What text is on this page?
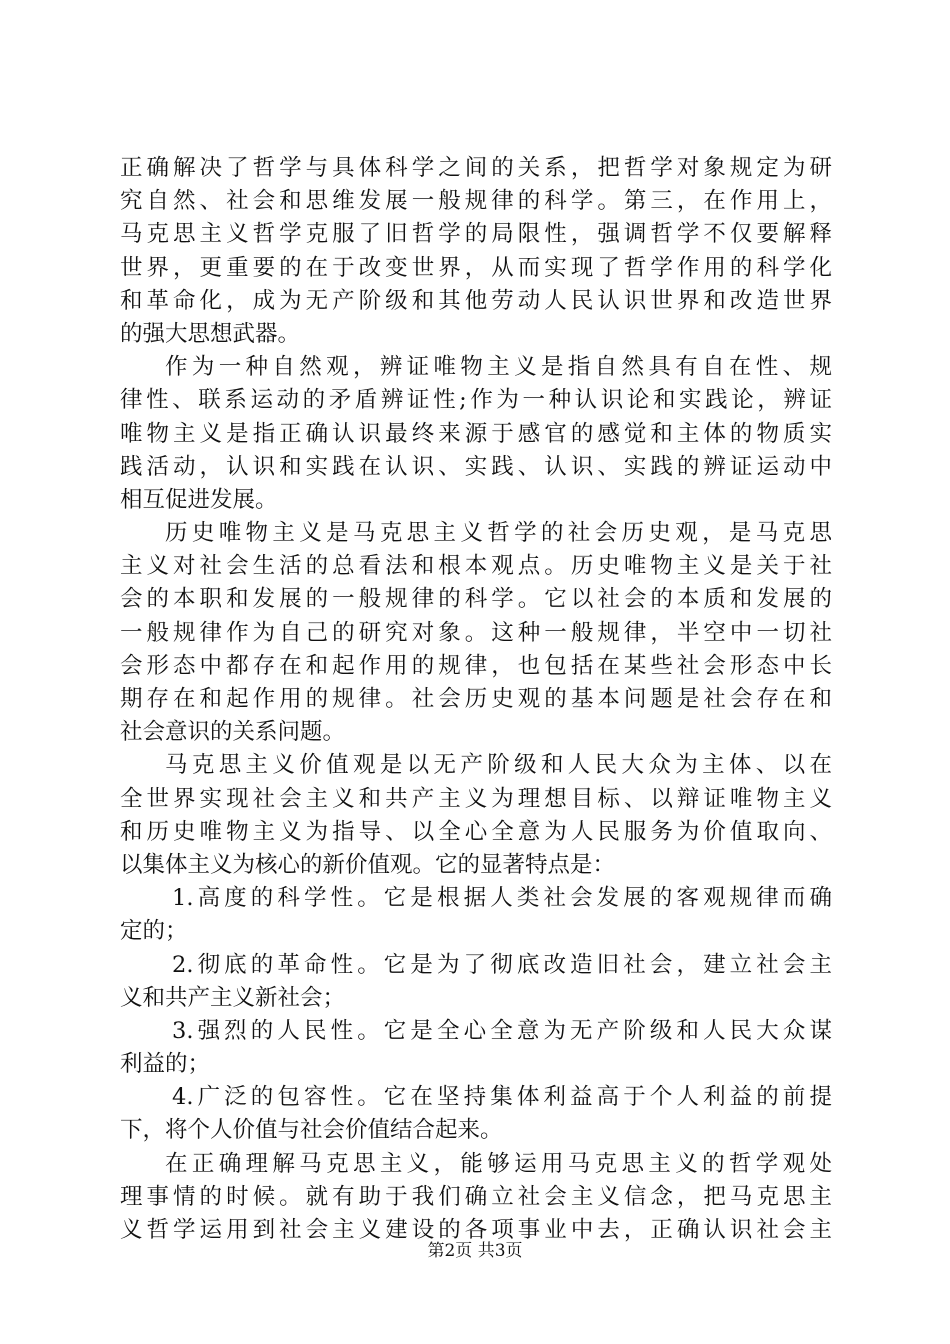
正确解决了哲学与具体科学之间的关系，把哲学对象规定为研
究自然、社会和思维发展一般规律的科学。第三，在作用上，
马克思主义哲学克服了旧哲学的局限性，强调哲学不仅要解释
世界，更重要的在于改变世界，从而实现了哲学作用的科学化
和革命化，成为无产阶级和其他劳动人民认识世界和改造世界
的强大思想武器。
作为一种自然观，辨证唯物主义是指自然具有自在性、规
律性、联系运动的矛盾辨证性;作为一种认识论和实践论，辨证
唯物主义是指正确认识最终来源于感官的感觉和主体的物质实
践活动，认识和实践在认识、实践、认识、实践的辨证运动中
相互促进发展。
历史唯物主义是马克思主义哲学的社会历史观，是马克思
主义对社会生活的总看法和根本观点。历史唯物主义是关于社
会的本职和发展的一般规律的科学。它以社会的本质和发展的
一般规律作为自己的研究对象。这种一般规律，半空中一切社
会形态中都存在和起作用的规律，也包括在某些社会形态中长
期存在和起作用的规律。社会历史观的基本问题是社会存在和
社会意识的关系问题。
马克思主义价值观是以无产阶级和人民大众为主体、以在
全世界实现社会主义和共产主义为理想目标、以辩证唯物主义
和历史唯物主义为指导、以全心全意为人民服务为价值取向、
以集体主义为核心的新价值观。它的显著特点是：
1.高度的科学性。它是根据人类社会发展的客观规律而确
定的；
2.彻底的革命性。它是为了彻底改造旧社会，建立社会主
义和共产主义新社会；
3.强烈的人民性。它是全心全意为无产阶级和人民大众谋
利益的；
4.广泛的包容性。它在坚持集体利益高于个人利益的前提
下，将个人价值与社会价值结合起来。
在正确理解马克思主义，能够运用马克思主义的哲学观处
理事情的时候。就有助于我们确立社会主义信念，把马克思主
义哲学运用到社会主义建设的各项事业中去，正确认识社会主
第2页 共3页
